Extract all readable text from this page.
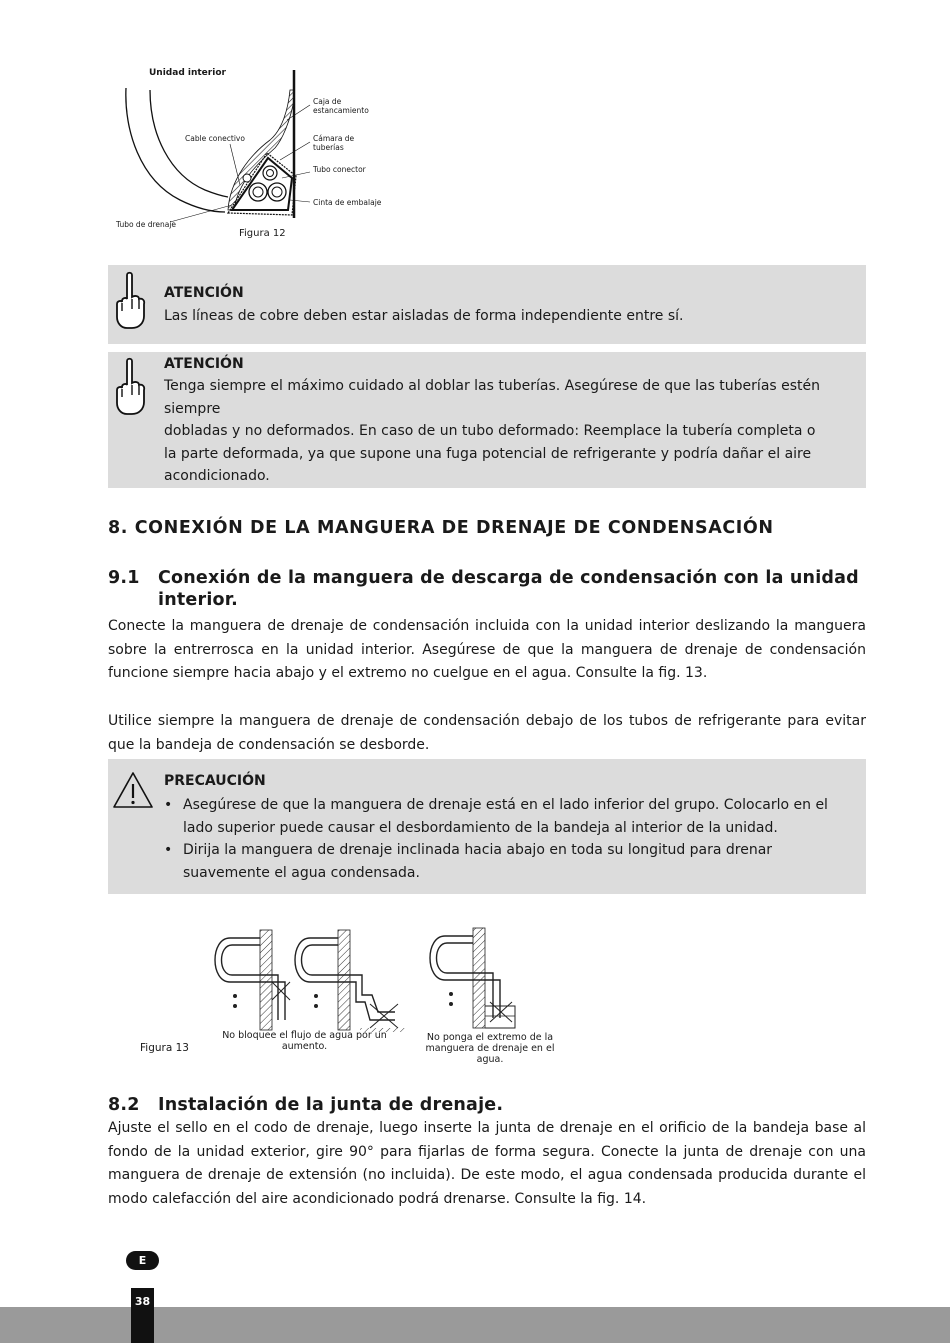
Unidad interior
Cable conectivo
Caja de
estancamiento
Cámara de
tuberías
Tubo conector
Cinta de embalaje
Tubo de drenaje
Figura 12
ATENCIÓN
Las líneas de cobre deben estar aisladas de forma independiente entre sí.
ATENCIÓN
Tenga siempre el máximo cuidado al doblar las tuberías. Asegúrese de que las tuberías estén
siempre
dobladas y no deformados. En caso de un tubo deformado: Reemplace la tubería completa o
la parte deformada, ya que supone una fuga potencial de refrigerante y podría dañar el aire
acondicionado.
8. CONEXIÓN DE LA MANGUERA DE DRENAJE DE CONDENSACIÓN
9.1 Conexión de la manguera de descarga de condensación con la unidad
interior.
Conecte la manguera de drenaje de condensación incluida con la unidad interior deslizando la manguera sobre la entrerrosca en la unidad interior. Asegúrese de que la manguera de drenaje de condensación funcione siempre hacia abajo y el extremo no cuelgue en el agua. Consulte la fig. 13.
Utilice siempre la manguera de drenaje de condensación debajo de los tubos de refrigerante para evitar que la bandeja de condensación se desborde.
PRECAUCIÓN
• Asegúrese de que la manguera de drenaje está en el lado inferior del grupo. Colocarlo en el lado superior puede causar el desbordamiento de la bandeja al interior de la unidad.
• Dirija la manguera de drenaje inclinada hacia abajo en toda su longitud para drenar suavemente el agua condensada.
Figura 13
No bloquee el flujo de agua por un aumento.
No ponga el extremo de la manguera de drenaje en el agua.
8.2 Instalación de la junta de drenaje.
Ajuste el sello en el codo de drenaje, luego inserte la junta de drenaje en el orificio de la bandeja base al fondo de la unidad exterior, gire 90° para fijarlas de forma segura. Conecte la junta de drenaje con una manguera de drenaje de extensión (no incluida). De este modo, el agua condensada producida durante el modo calefacción del aire acondicionado podrá drenarse. Consulte la fig. 14.
E
38
